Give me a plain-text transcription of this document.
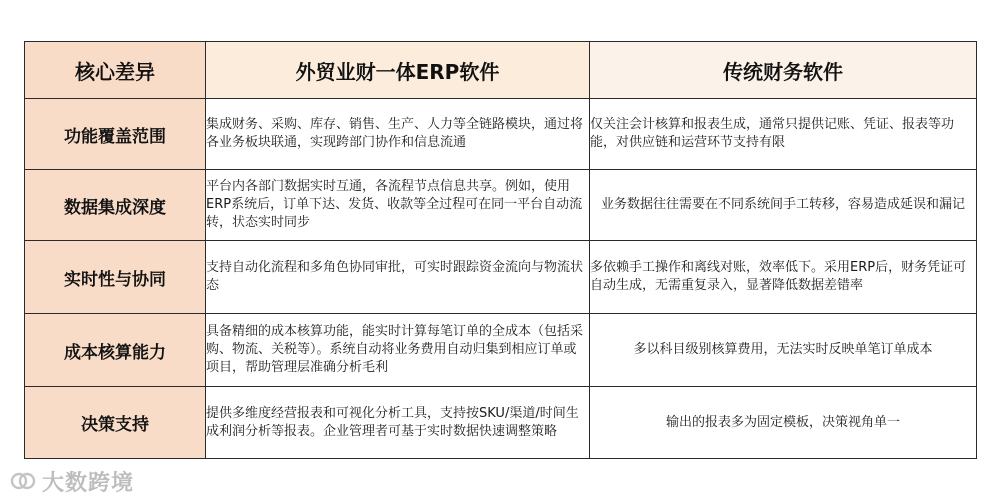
核心差异	外贸业财一体ERP软件	传统财务软件
功能覆盖范围	集成财务、采购、库存、销售、生产、人力等全链路模块，通过将各业务板块联通，实现跨部门协作和信息流通	仅关注会计核算和报表生成，通常只提供记账、凭证、报表等功能，对供应链和运营环节支持有限
数据集成深度	平台内各部门数据实时互通，各流程节点信息共享。例如，使用ERP系统后，订单下达、发货、收款等全过程可在同一平台自动流转，状态实时同步	业务数据往往需要在不同系统间手工转移，容易造成延误和漏记
实时性与协同	支持自动化流程和多角色协同审批，可实时跟踪资金流向与物流状态	多依赖手工操作和离线对账，效率低下。采用ERP后，财务凭证可自动生成，无需重复录入，显著降低数据差错率
成本核算能力	具备精细的成本核算功能，能实时计算每笔订单的全成本（包括采购、物流、关税等）。系统自动将业务费用自动归集到相应订单或项目，帮助管理层准确分析毛利	多以科目级别核算费用，无法实时反映单笔订单成本
决策支持	提供多维度经营报表和可视化分析工具，支持按SKU/渠道/时间生成利润分析等报表。企业管理者可基于实时数据快速调整策略	输出的报表多为固定模板，决策视角单一
大数跨境
